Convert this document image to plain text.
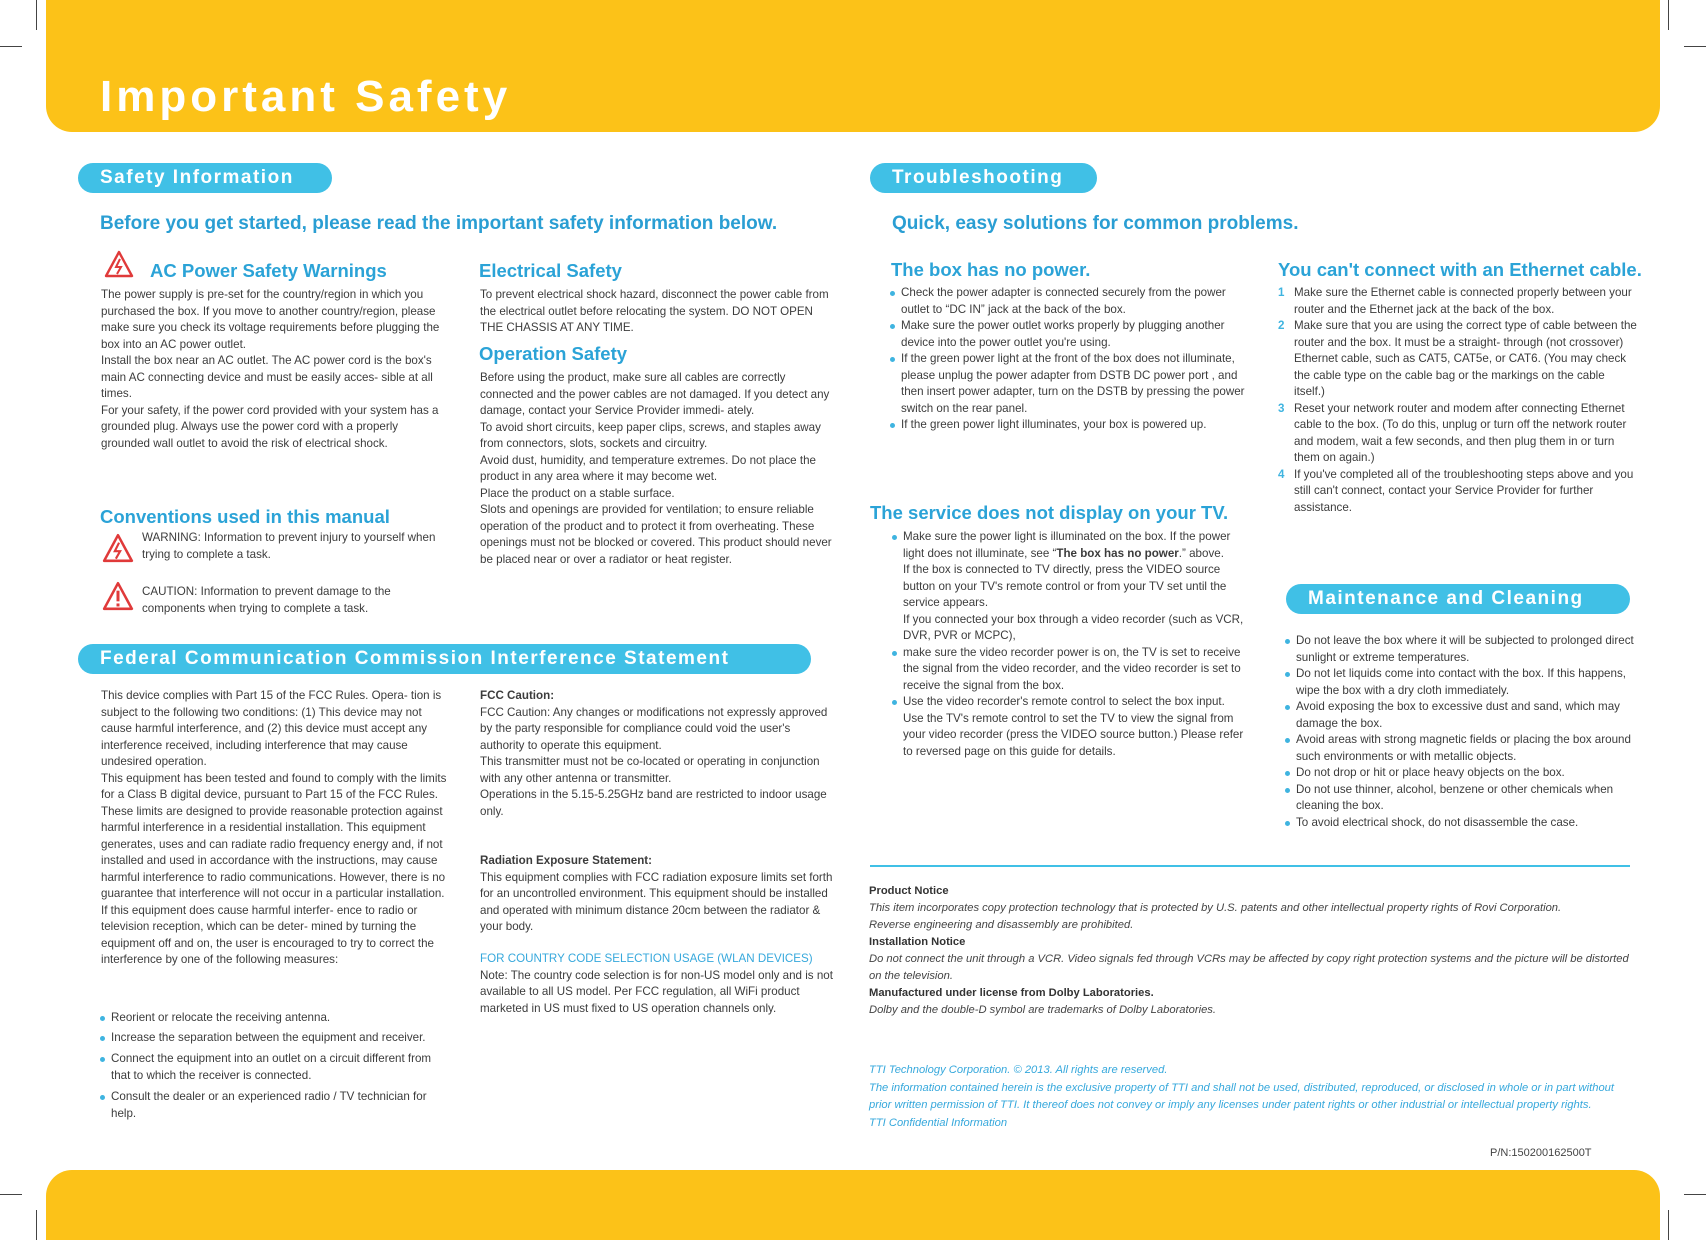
Important Safety
Safety Information
Before you get started, please read the important safety information below.
AC Power Safety Warnings

The power supply is pre-set for the country/region in which you purchased the box. If you move to another country/region, please make sure you check its voltage requirements before plugging the box into an AC power outlet.

Install the box near an AC outlet. The AC power cord is the box's main AC connecting device and must be easily acces- sible at all times.

For your safety, if the power cord provided with your system has a grounded plug. Always use the power cord with a properly grounded wall outlet to avoid the risk of electrical shock.

Electrical Safety
To prevent electrical shock hazard, disconnect the power cable from the electrical outlet before relocating the system. DO NOT OPEN THE CHASSIS AT ANY TIME.
Operation Safety

Before using the product, make sure all cables are correctly connected and the power cables are not damaged. If you detect any damage, contact your Service Provider immedi- ately.

To avoid short circuits, keep paper clips, screws, and staples away from connectors, slots, sockets and circuitry.

Avoid dust, humidity, and temperature extremes. Do not place the product in any area where it may become wet.

Place the product on a stable surface.

Slots and openings are provided for ventilation; to ensure reliable operation of the product and to protect it from overheating. These openings must not be blocked or covered. This product should never be placed near or over a radiator or heat register.

Conventions used in this manual
WARNING: Information to prevent injury to yourself when trying to complete a task.
CAUTION: Information to prevent damage to the components when trying to complete a task.
Federal Communication Commission Interference Statement

This device complies with Part 15 of the FCC Rules. Opera- tion is subject to the following two conditions: (1) This device may not cause harmful interference, and (2) this device must accept any interference received, including interference that may cause undesired operation.

This equipment has been tested and found to comply with the limits for a Class B digital device, pursuant to Part 15 of the FCC Rules. These limits are designed to provide reasonable protection against harmful interference in a residential installation. This equipment generates, uses and can radiate radio frequency energy and, if not installed and used in accordance with the instructions, may cause harmful interference to radio communications. However, there is no guarantee that interference will not occur in a particular installation. If this equipment does cause harmful interfer- ence to radio or television reception, which can be deter- mined by turning the equipment off and on, the user is encouraged to try to correct the interference by one of the following measures:

Reorient or relocate the receiving antenna.
Increase the separation between the equipment and receiver.
Connect the equipment into an outlet on a circuit different from that to which the receiver is connected.
Consult the dealer or an experienced radio / TV technician for help.

FCC Caution:

FCC Caution: Any changes or modifications not expressly approved by the party responsible for compliance could void the user's authority to operate this equipment.

This transmitter must not be co-located or operating in conjunction with any other antenna or transmitter.

Operations in the 5.15-5.25GHz band are restricted to indoor usage only.

Radiation Exposure Statement:

This equipment complies with FCC radiation exposure limits set forth for an uncontrolled environment. This equipment should be installed and operated with minimum distance 20cm between the radiator & your body.

FOR COUNTRY CODE SELECTION USAGE (WLAN DEVICES)

Note: The country code selection is for non-US model only and is not available to all US model. Per FCC regulation, all WiFi product marketed in US must fixed to US operation channels only.

Troubleshooting
Quick, easy solutions for common problems.
The box has no power.
Check the power adapter is connected securely from the power outlet to “DC IN” jack at the back of the box.
Make sure the power outlet works properly by plugging another device into the power outlet you're using.
If the green power light at the front of the box does not illuminate, please unplug the power adapter from DSTB DC power port , and then insert power adapter, turn on the DSTB by pressing the power switch on the rear panel.
If the green power light illuminates, your box is powered up.
You can't connect with an Ethernet cable.
1 Make sure the Ethernet cable is connected properly between your router and the Ethernet jack at the back of the box.
2 Make sure that you are using the correct type of cable between the router and the box. It must be a straight- through (not crossover) Ethernet cable, such as CAT5, CAT5e, or CAT6. (You may check the cable type on the cable bag or the markings on the cable itself.)
3 Reset your network router and modem after connecting Ethernet cable to the box. (To do this, unplug or turn off the network router and modem, wait a few seconds, and then plug them in or turn them on again.)
4 If you've completed all of the troubleshooting steps above and you still can't connect, contact your Service Provider for further assistance.
The service does not display on your TV.
Make sure the power light is illuminated on the box. If the power light does not illuminate, see “The box has no power.” above.

If the box is connected to TV directly, press the VIDEO source button on your TV's remote control or from your TV set until the service appears.

If you connected your box through a video recorder (such as VCR, DVR, PVR or MCPC),

make sure the video recorder power is on, the TV is set to receive the signal from the video recorder, and the video recorder is set to receive the signal from the box.
Use the video recorder's remote control to select the box input. Use the TV's remote control to set the TV to view the signal from your video recorder (press the VIDEO source button.) Please refer to reversed page on this guide for details.
Maintenance and Cleaning
Do not leave the box where it will be subjected to prolonged direct sunlight or extreme temperatures.
Do not let liquids come into contact with the box. If this happens, wipe the box with a dry cloth immediately.
Avoid exposing the box to excessive dust and sand, which may damage the box.
Avoid areas with strong magnetic fields or placing the box around such environments or with metallic objects.
Do not drop or hit or place heavy objects on the box.
Do not use thinner, alcohol, benzene or other chemicals when cleaning the box.
To avoid electrical shock, do not disassemble the case.

Product Notice

This item incorporates copy protection technology that is protected by U.S. patents and other intellectual property rights of Rovi Corporation.

Reverse engineering and disassembly are prohibited.

Installation Notice

Do not connect the unit through a VCR. Video signals fed through VCRs may be affected by copy right protection systems and the picture will be distorted on the television.

Manufactured under license from Dolby Laboratories.

Dolby and the double-D symbol are trademarks of Dolby Laboratories.

TTI Technology Corporation. © 2013. All rights are reserved.

The information contained herein is the exclusive property of TTI and shall not be used, distributed, reproduced, or disclosed in whole or in part without prior written permission of TTI. It thereof does not convey or imply any licenses under patent rights or other industrial or intellectual property rights.

TTI Confidential Information

P/N:150200162500T
